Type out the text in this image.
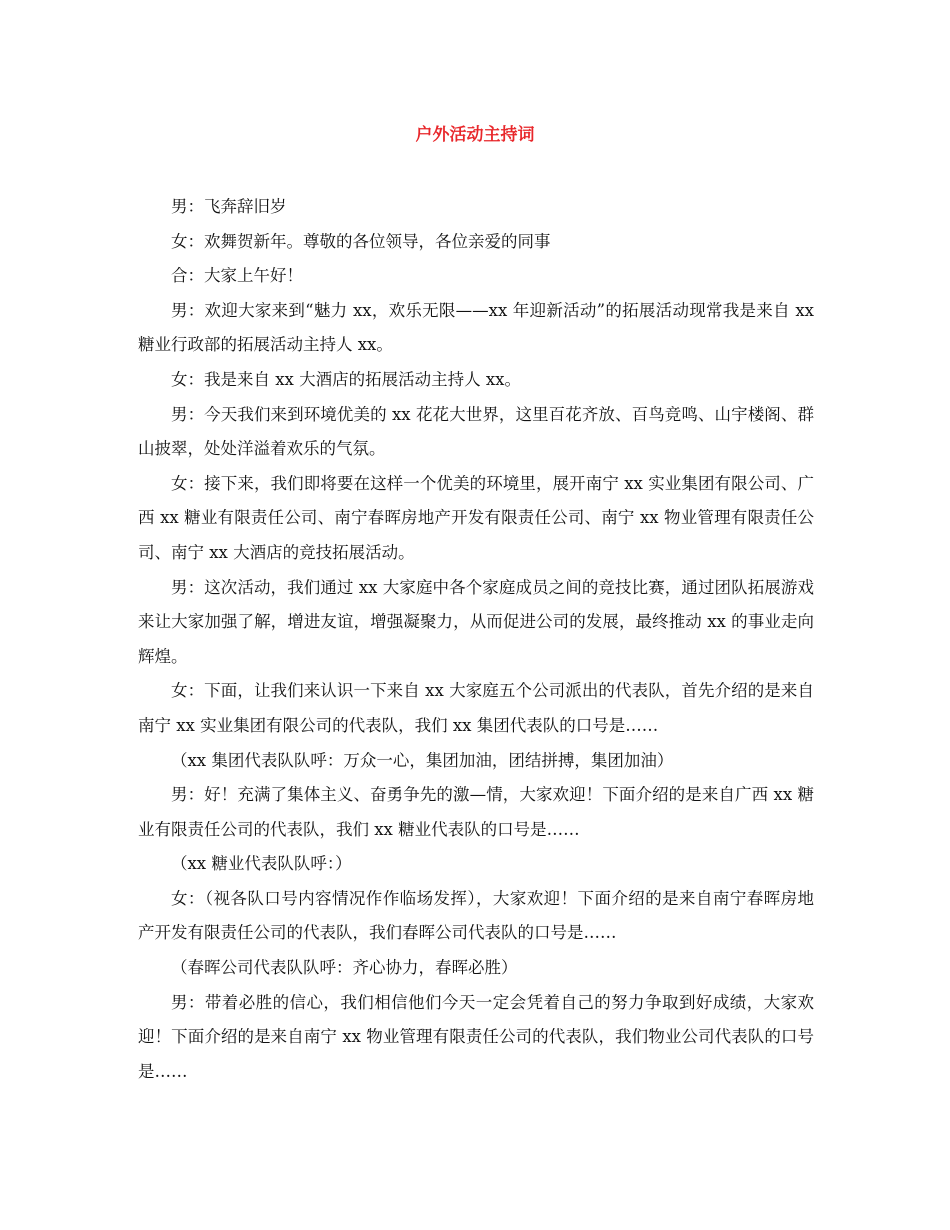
户外活动主持词

男：飞奔辞旧岁

女：欢舞贺新年。尊敬的各位领导，各位亲爱的同事

合：大家上午好！

男：欢迎大家来到“魅力 xx，欢乐无限——xx 年迎新活动”的拓展活动现常我是来自 xx 糖业行政部的拓展活动主持人 xx。

女：我是来自 xx 大酒店的拓展活动主持人 xx。

男：今天我们来到环境优美的 xx 花花大世界，这里百花齐放、百鸟竞鸣、山宇楼阁、群山披翠，处处洋溢着欢乐的气氛。

女：接下来，我们即将要在这样一个优美的环境里，展开南宁 xx 实业集团有限公司、广西 xx 糖业有限责任公司、南宁春晖房地产开发有限责任公司、南宁 xx 物业管理有限责任公司、南宁 xx 大酒店的竞技拓展活动。

男：这次活动，我们通过 xx 大家庭中各个家庭成员之间的竞技比赛，通过团队拓展游戏来让大家加强了解，增进友谊，增强凝聚力，从而促进公司的发展，最终推动 xx 的事业走向辉煌。

女：下面，让我们来认识一下来自 xx 大家庭五个公司派出的代表队，首先介绍的是来自南宁 xx 实业集团有限公司的代表队，我们 xx 集团代表队的口号是……

（xx 集团代表队队呼：万众一心，集团加油，团结拼搏，集团加油）

男：好！充满了集体主义、奋勇争先的激—情，大家欢迎！下面介绍的是来自广西 xx 糖业有限责任公司的代表队，我们 xx 糖业代表队的口号是……

（xx 糖业代表队队呼：）

女：（视各队口号内容情况作作临场发挥），大家欢迎！下面介绍的是来自南宁春晖房地产开发有限责任公司的代表队，我们春晖公司代表队的口号是……

（春晖公司代表队队呼：齐心协力，春晖必胜）

男：带着必胜的信心，我们相信他们今天一定会凭着自己的努力争取到好成绩，大家欢迎！下面介绍的是来自南宁 xx 物业管理有限责任公司的代表队，我们物业公司代表队的口号是……
